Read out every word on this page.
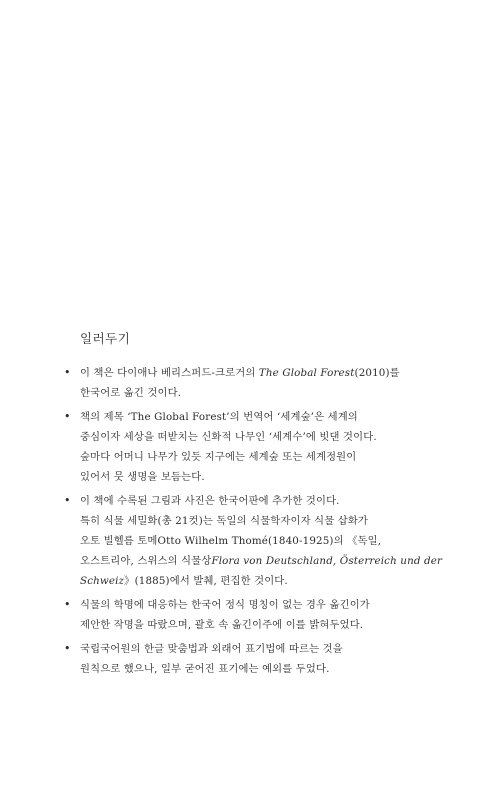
일러두기
• 이 책은 다이애나 베리스퍼드-크로거의 The Global Forest(2010)를
한국어로 옮긴 것이다.
• 책의 제목 ‘The Global Forest’의 번역어 ‘세계숲’은 세계의
중심이자 세상을 떠받치는 신화적 나무인 ‘세계수’에 빗댄 것이다.
숲마다 어머니 나무가 있듯 지구에는 세계숲 또는 세계정원이
있어서 뭇 생명을 보듬는다.
• 이 책에 수록된 그림과 사진은 한국어판에 추가한 것이다.
특히 식물 세밀화(총 21컷)는 독일의 식물학자이자 식물 삽화가
오토 빌헬름 토메Otto Wilhelm Thomé(1840-1925)의 《독일,
오스트리아, 스위스의 식물상Flora von Deutschland, Österreich und der
Schweiz》(1885)에서 발췌, 편집한 것이다.
• 식물의 학명에 대응하는 한국어 정식 명칭이 없는 경우 옮긴이가
제안한 작명을 따랐으며, 괄호 속 옮긴이주에 이를 밝혀두었다.
• 국립국어원의 한글 맞춤법과 외래어 표기법에 따르는 것을
원칙으로 했으나, 일부 굳어진 표기에는 예외를 두었다.
